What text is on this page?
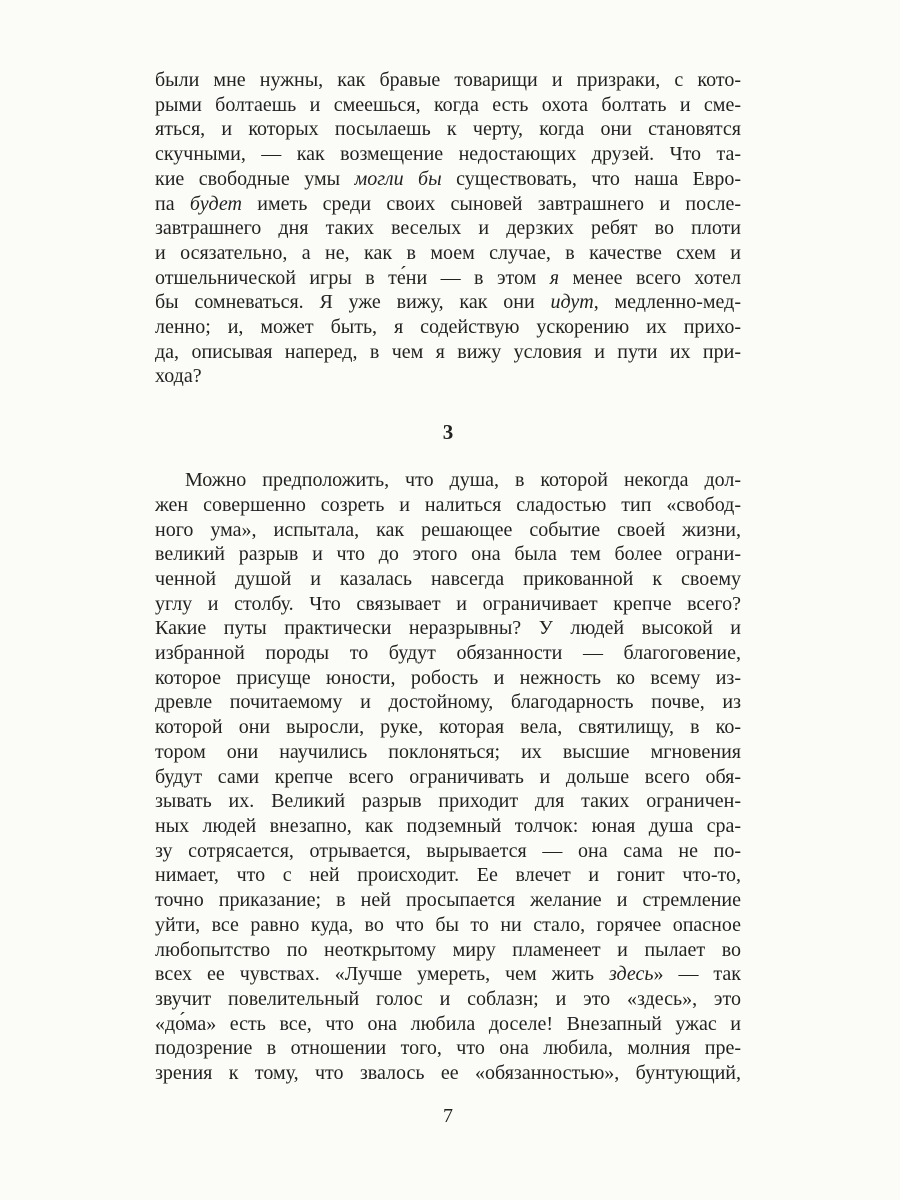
были мне нужны, как бравые товарищи и призраки, с кото-
рыми болтаешь и смеешься, когда есть охота болтать и сме-
яться, и которых посылаешь к черту, когда они становятся
скучными, — как возмещение недостающих друзей. Что та-
кие свободные умы могли бы существовать, что наша Евро-
па будет иметь среди своих сыновей завтрашнего и после-
завтрашнего дня таких веселых и дерзких ребят во плоти
и осязательно, а не, как в моем случае, в качестве схем и
отшельнической игры в те́ни — в этом я менее всего хотел
бы сомневаться. Я уже вижу, как они идут, медленно-мед-
ленно; и, может быть, я содействую ускорению их прихо-
да, описывая наперед, в чем я вижу условия и пути их при-
хода?
3
Можно предположить, что душа, в которой некогда дол-
жен совершенно созреть и налиться сладостью тип «свобод-
ного ума», испытала, как решающее событие своей жизни,
великий разрыв и что до этого она была тем более ограни-
ченной душой и казалась навсегда прикованной к своему
углу и столбу. Что связывает и ограничивает крепче всего?
Какие путы практически неразрывны? У людей высокой и
избранной породы то будут обязанности — благоговение,
которое присуще юности, робость и нежность ко всему из-
древле почитаемому и достойному, благодарность почве, из
которой они выросли, руке, которая вела, святилищу, в ко-
тором они научились поклоняться; их высшие мгновения
будут сами крепче всего ограничивать и дольше всего обя-
зывать их. Великий разрыв приходит для таких ограничен-
ных людей внезапно, как подземный толчок: юная душа сра-
зу сотрясается, отрывается, вырывается — она сама не по-
нимает, что с ней происходит. Ее влечет и гонит что-то,
точно приказание; в ней просыпается желание и стремление
уйти, все равно куда, во что бы то ни стало, горячее опасное
любопытство по неоткрытому миру пламенеет и пылает во
всех ее чувствах. «Лучше умереть, чем жить здесь» — так
звучит повелительный голос и соблазн; и это «здесь», это
«до́ма» есть все, что она любила доселе! Внезапный ужас и
подозрение в отношении того, что она любила, молния пре-
зрения к тому, что звалось ее «обязанностью», бунтующий,
7
